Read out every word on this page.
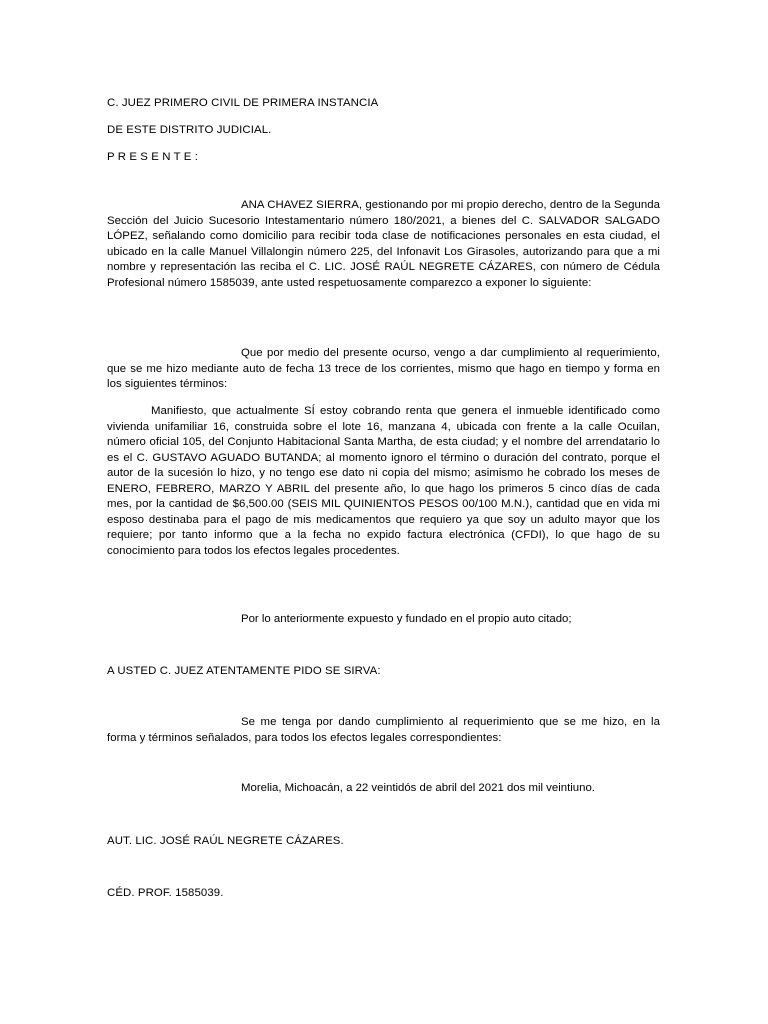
C. JUEZ PRIMERO CIVIL DE PRIMERA INSTANCIA
DE ESTE DISTRITO JUDICIAL.
P R E S E N T E :
ANA CHAVEZ SIERRA, gestionando por mi propio derecho, dentro de la Segunda Sección del Juicio Sucesorio Intestamentario número 180/2021, a bienes del C. SALVADOR SALGADO LÓPEZ, señalando como domicilio para recibir toda clase de notificaciones personales en esta ciudad, el ubicado en la calle Manuel Villalongin número 225, del Infonavit Los Girasoles, autorizando para que a mi nombre y representación las reciba el C. LIC. JOSÉ RAÚL NEGRETE CÁZARES, con número de Cédula Profesional número 1585039, ante usted respetuosamente comparezco a exponer lo siguiente:
Que por medio del presente ocurso, vengo a dar cumplimiento al requerimiento, que se me hizo mediante auto de fecha 13 trece de los corrientes, mismo que hago en tiempo y forma en los siguientes términos:
Manifiesto, que actualmente SÍ estoy cobrando renta que genera el inmueble identificado como vivienda unifamiliar 16, construida sobre el lote 16, manzana 4, ubicada con frente a la calle Ocuilan, número oficial 105, del Conjunto Habitacional Santa Martha, de esta ciudad; y el nombre del arrendatario lo es el C. GUSTAVO AGUADO BUTANDA; al momento ignoro el término o duración del contrato, porque el autor de la sucesión lo hizo, y no tengo ese dato ni copia del mismo; asimismo he cobrado los meses de ENERO, FEBRERO, MARZO Y ABRIL del presente año, lo que hago los primeros 5 cinco días de cada mes, por la cantidad de $6,500.00 (SEIS MIL QUINIENTOS PESOS 00/100 M.N.), cantidad que en vida mi esposo destinaba para el pago de mis medicamentos que requiero ya que soy un adulto mayor que los requiere; por tanto informo que a la fecha no expido factura electrónica (CFDI), lo que hago de su conocimiento para todos los efectos legales procedentes.
Por lo anteriormente expuesto y fundado en el propio auto citado;
A USTED C. JUEZ ATENTAMENTE PIDO SE SIRVA:
Se me tenga por dando cumplimiento al requerimiento que se me hizo, en la forma y términos señalados, para todos los efectos legales correspondientes:
Morelia, Michoacán, a 22 veintidós de abril del 2021 dos mil veintiuno.
AUT. LIC. JOSÉ RAÚL NEGRETE CÁZARES.
CÉD. PROF. 1585039.
